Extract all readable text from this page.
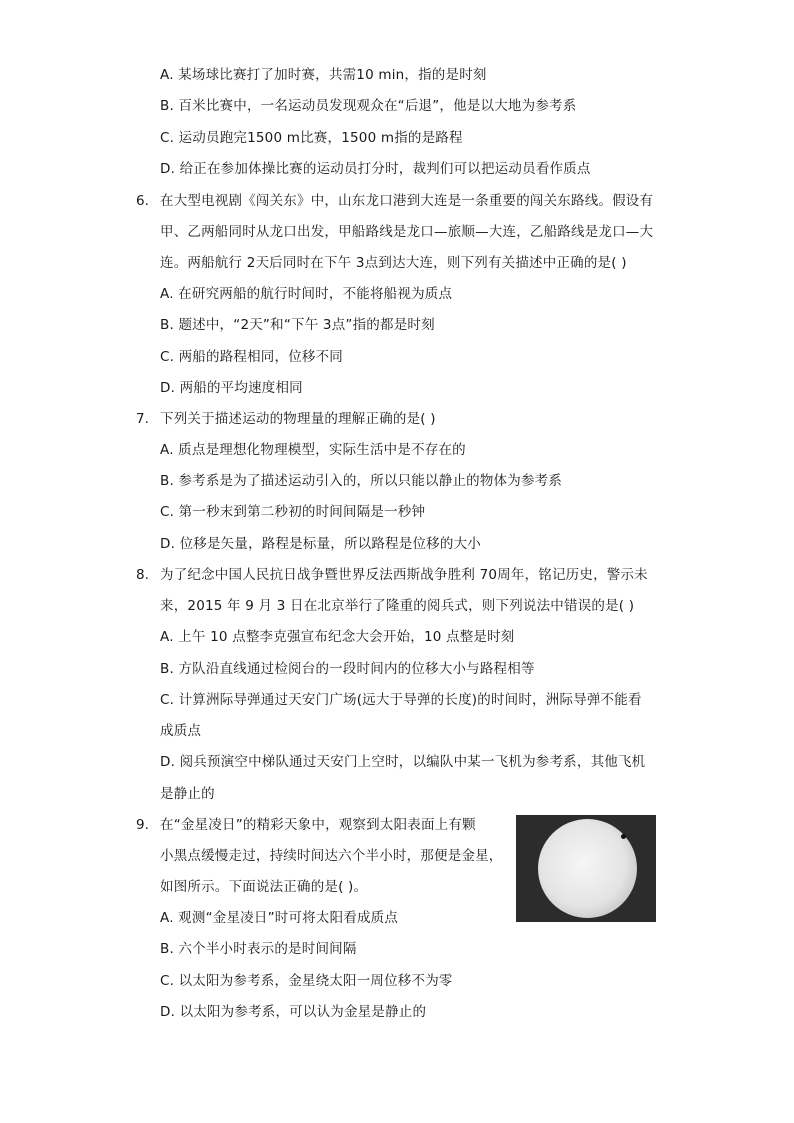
A. 某场球比赛打了加时赛，共需10 min，指的是时刻
B. 百米比赛中，一名运动员发现观众在“后退”，他是以大地为参考系
C. 运动员跑完1500 m比赛，1500 m指的是路程
D. 给正在参加体操比赛的运动员打分时，裁判们可以把运动员看作质点
6. 在大型电视剧《闯关东》中，山东龙口港到大连是一条重要的闯关东路线。假设有
甲、乙两船同时从龙口出发，甲船路线是龙口—旅顺—大连，乙船路线是龙口—大
连。两船航行 2天后同时在下午 3点到达大连，则下列有关描述中正确的是( )
A. 在研究两船的航行时间时，不能将船视为质点
B. 题述中，“2天”和“下午 3点”指的都是时刻
C. 两船的路程相同，位移不同
D. 两船的平均速度相同
7. 下列关于描述运动的物理量的理解正确的是( )
A. 质点是理想化物理模型，实际生活中是不存在的
B. 参考系是为了描述运动引入的，所以只能以静止的物体为参考系
C. 第一秒末到第二秒初的时间间隔是一秒钟
D. 位移是矢量，路程是标量，所以路程是位移的大小
8. 为了纪念中国人民抗日战争暨世界反法西斯战争胜利 70周年，铭记历史，警示未
来，2015 年 9 月 3 日在北京举行了隆重的阅兵式，则下列说法中错误的是( )
A. 上午 10 点整李克强宣布纪念大会开始，10 点整是时刻
B. 方队沿直线通过检阅台的一段时间内的位移大小与路程相等
C. 计算洲际导弹通过天安门广场(远大于导弹的长度)的时间时，洲际导弹不能看
成质点
D. 阅兵预演空中梯队通过天安门上空时，以编队中某一飞机为参考系，其他飞机
是静止的
9. 在“金星凌日”的精彩天象中，观察到太阳表面上有颗
小黑点缓慢走过，持续时间达六个半小时，那便是金星，
如图所示。下面说法正确的是( )。
A. 观测“金星凌日”时可将太阳看成质点
B. 六个半小时表示的是时间间隔
C. 以太阳为参考系，金星绕太阳一周位移不为零
D. 以太阳为参考系，可以认为金星是静止的
